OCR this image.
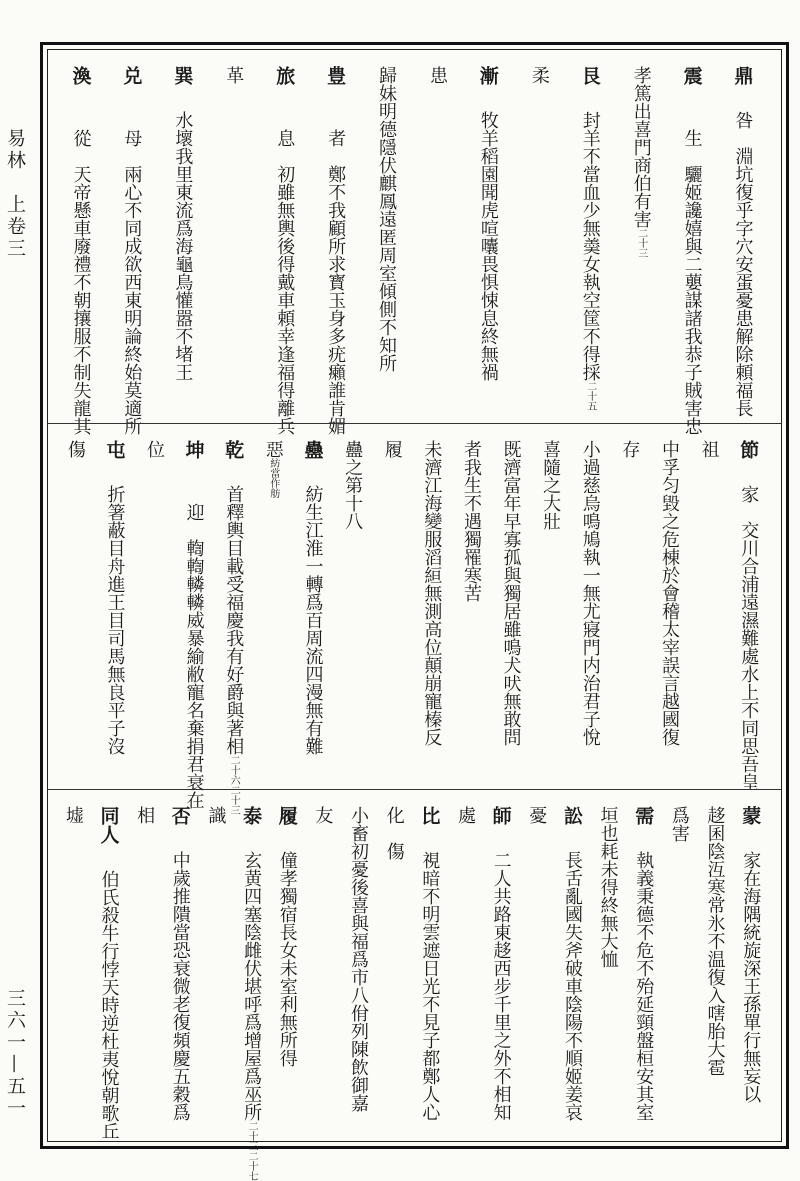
易林　上卷三
三六一—五一
鼎咎　淵坑復乎字穴安蛋憂患解除頼福長
震　生　驪姬讒嬉與二蘡謀諸我恭子賊害忠
孝篤出喜門商伯有害二十三
艮封羊不當血少無羮女執空筐不得採二十五
柔
漸牧羊稻園聞虎喧囔畏惧悚息終無禍
患
歸妹明德隱伏麒鳳遠匿周室傾側不知所
豊　者　鄭不我顧所求寳玉身多疣癩誰肯媚
旅　息　初雖無輿後得戴車頼幸逢福得離兵
革
巽水壞我里東流爲海龜鳥懽嚣不堵王
兑　母　兩心不同成欲西東明論終始莫適所
渙　從　天帝懸車廢禮不朝攘服不制失龍其
節家　交川合浦遠濕難處水上不同思吾皇
祖
中孚匀毀之危棟於會稽太宰誤言越國復
存
小過慈烏鳴鳩執一無尤寢門内治君子悅
喜隨之大壯
既濟富年早寡孤與獨居雖鳴犬吠無敢問
者我生不遇獨罹寒苦
未濟江海變服滔絙無測高位顛崩寵榛反
履
蠱之第十八
蠱紡生江淮一轉爲百周流四漫無有難
惡紡當作舫
乾首釋輿目載受福慶我有好爵與著相二十六二十三
坤　迎　輷輷轔轔威暴緰敝寵名棄捐君衰在
位
屯折箸蔽目舟進王目司馬無良平子沒
傷
蒙家在海隅統旋深王孫單行無妄以
趍囷陰沍寒常氷不温復入嗐胎大雹
爲害
需執義秉德不危不殆延頸盤桓安其室
垣也耗未得終無大恤
訟長舌亂國失斧破車陰陽不順姬姜哀
憂
師二人共路東趍西步千里之外不相知
處
比視暗不明雲遮日光不見子都鄭人心
化　傷
小畜初憂後喜與福爲市八佾列陳飲御嘉
友
履僮孝獨宿長女未室利無所得
泰玄黄四塞陰雌伏堪呼爲增屋爲巫所二十三二十七
識
否中歲推隤當恐衰微老復頻慶五穀爲
相
同人伯氏殺牛行悖天時逆杜夷悅朝歌丘
墟
